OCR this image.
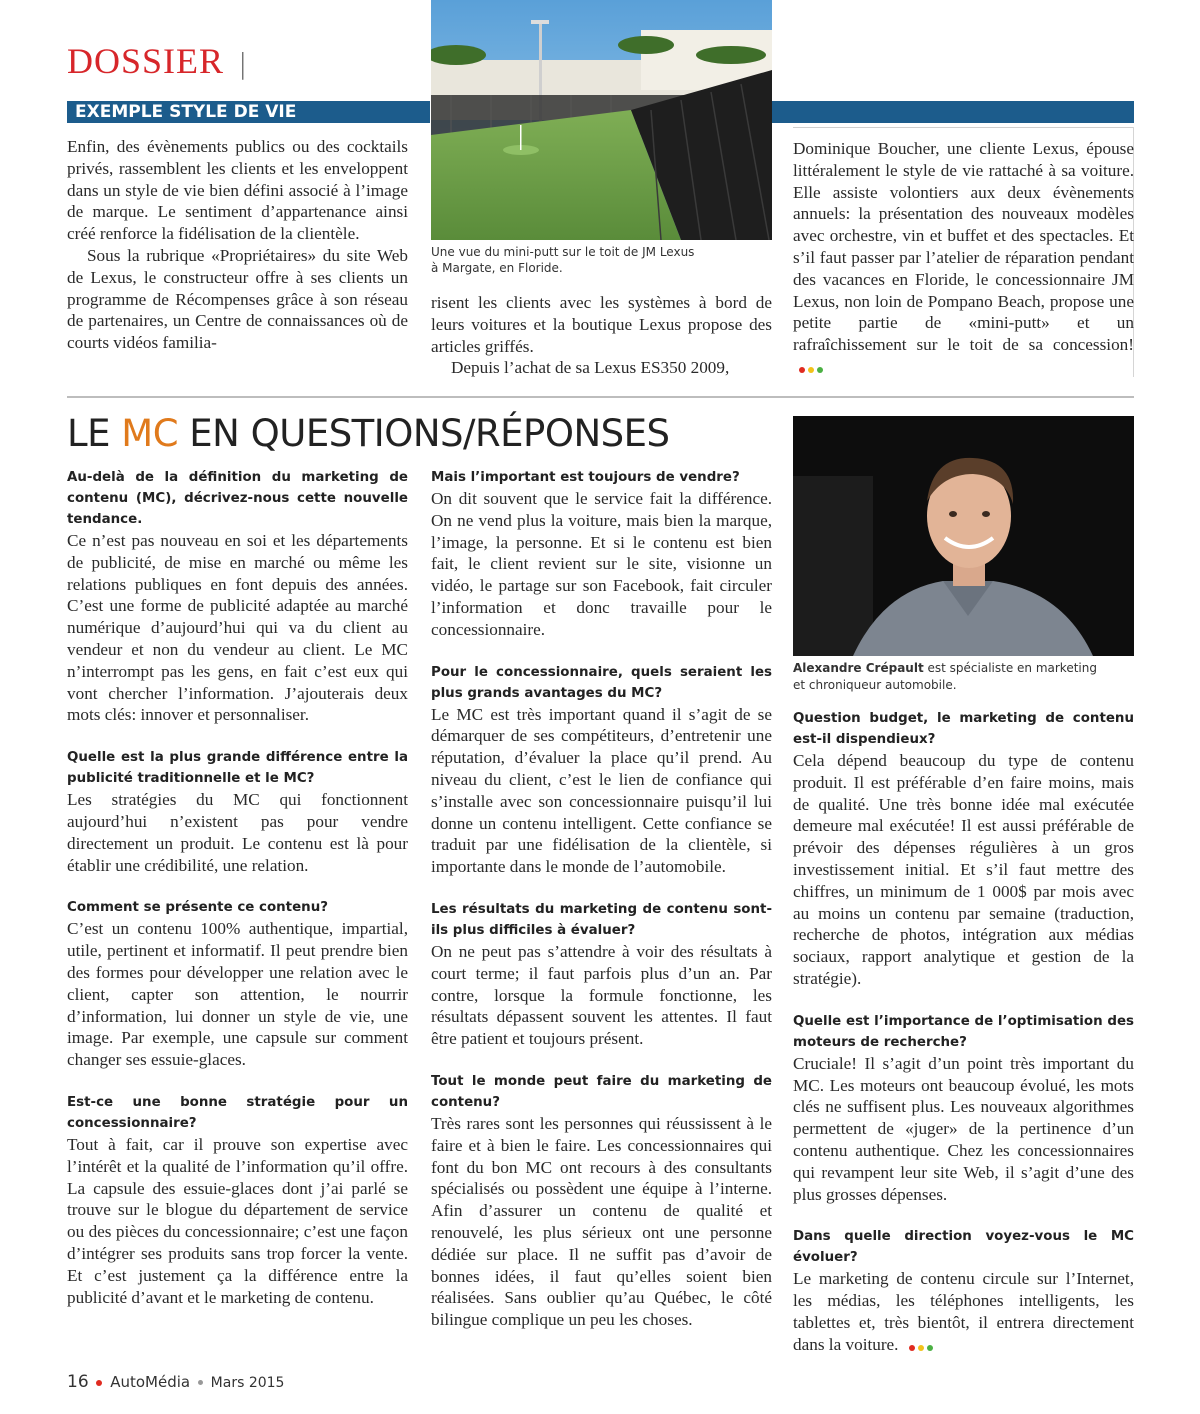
DOSSIER |
EXEMPLE STYLE DE VIE
Une vue du mini-putt sur le toit de JM Lexus
à Margate, en Floride.

Enfin, des évènements publics ou des cocktails privés, rassemblent les clients et les enveloppent dans un style de vie bien défini associé à l’image de marque. Le sentiment d’appartenance ainsi créé renforce la fidélisation de la clientèle.

Sous la rubrique «Propriétaires» du site Web de Lexus, le constructeur offre à ses clients un programme de Récompenses grâce à son réseau de partenaires, un Centre de connaissances où de courts vidéos familia-

risent les clients avec les systèmes à bord de leurs voitures et la boutique Lexus propose des articles griffés.

Depuis l’achat de sa Lexus ES350 2009,

Dominique Boucher, une cliente Lexus, épouse littéralement le style de vie rattaché à sa voiture. Elle assiste volontiers aux deux évènements annuels: la présentation des nouveaux modèles avec orchestre, vin et buffet et des spectacles. Et s’il faut passer par l’atelier de réparation pendant des vacances en Floride, le concessionnaire JM Lexus, non loin de Pompano Beach, propose une petite partie de «mini-putt» et un rafraîchissement sur le toit de sa concession!

LE MC EN QUESTIONS/RÉPONSES

Au-delà de la définition du marketing de contenu (MC), décrivez-nous cette nouvelle tendance.

Ce n’est pas nouveau en soi et les départements de publicité, de mise en marché ou même les relations publiques en font depuis des années. C’est une forme de publicité adaptée au marché numérique d’aujourd’hui qui va du client au vendeur et non du vendeur au client. Le MC n’interrompt pas les gens, en fait c’est eux qui vont chercher l’information. J’ajouterais deux mots clés: innover et personnaliser.

Quelle est la plus grande différence entre la publicité traditionnelle et le MC?

Les stratégies du MC qui fonctionnent aujourd’hui n’existent pas pour vendre directement un produit. Le contenu est là pour établir une crédibilité, une relation.

Comment se présente ce contenu?

C’est un contenu 100% authentique, impartial, utile, pertinent et informatif. Il peut prendre bien des formes pour développer une relation avec le client, capter son attention, le nourrir d’information, lui donner un style de vie, une image. Par exemple, une capsule sur comment changer ses essuie-glaces.

Est-ce une bonne stratégie pour un concessionnaire?

Tout à fait, car il prouve son expertise avec l’intérêt et la qualité de l’information qu’il offre. La capsule des essuie-glaces dont j’ai parlé se trouve sur le blogue du département de service ou des pièces du concessionnaire; c’est une façon d’intégrer ses produits sans trop forcer la vente. Et c’est justement ça la différence entre la publicité d’avant et le marketing de contenu.

Mais l’important est toujours de vendre?

On dit souvent que le service fait la différence. On ne vend plus la voiture, mais bien la marque, l’image, la personne. Et si le contenu est bien fait, le client revient sur le site, visionne un vidéo, le partage sur son Facebook, fait circuler l’information et donc travaille pour le concessionnaire.

Pour le concessionnaire, quels seraient les plus grands avantages du MC?

Le MC est très important quand il s’agit de se démarquer de ses compétiteurs, d’entretenir une réputation, d’évaluer la place qu’il prend. Au niveau du client, c’est le lien de confiance qui s’installe avec son concessionnaire puisqu’il lui donne un contenu intelligent. Cette confiance se traduit par une fidélisation de la clientèle, si importante dans le monde de l’automobile.

Les résultats du marketing de contenu sont-ils plus difficiles à évaluer?

On ne peut pas s’attendre à voir des résultats à court terme; il faut parfois plus d’un an. Par contre, lorsque la formule fonctionne, les résultats dépassent souvent les attentes. Il faut être patient et toujours présent.

Tout le monde peut faire du marketing de contenu?

Très rares sont les personnes qui réussissent à le faire et à bien le faire. Les concessionnaires qui font du bon MC ont recours à des consultants spécialisés ou possèdent une équipe à l’interne. Afin d’assurer un contenu de qualité et renouvelé, les plus sérieux ont une personne dédiée sur place. Il ne suffit pas d’avoir de bonnes idées, il faut qu’elles soient bien réalisées. Sans oublier qu’au Québec, le côté bilingue complique un peu les choses.

Alexandre Crépault est spécialiste en marketing
et chroniqueur automobile.

Question budget, le marketing de contenu est-il dispendieux?

Cela dépend beaucoup du type de contenu produit. Il est préférable d’en faire moins, mais de qualité. Une très bonne idée mal exécutée demeure mal exécutée! Il est aussi préférable de prévoir des dépenses régulières à un gros investissement initial. Et s’il faut mettre des chiffres, un minimum de 1 000$ par mois avec au moins un contenu par semaine (traduction, recherche de photos, intégration aux médias sociaux, rapport analytique et gestion de la stratégie).

Quelle est l’importance de l’optimisation des moteurs de recherche?

Cruciale! Il s’agit d’un point très important du MC. Les moteurs ont beaucoup évolué, les mots clés ne suffisent plus. Les nouveaux algorithmes permettent de «juger» de la pertinence d’un contenu authentique. Chez les concessionnaires qui revampent leur site Web, il s’agit d’une des plus grosses dépenses.

Dans quelle direction voyez-vous le MC évoluer?

Le marketing de contenu circule sur l’Internet, les médias, les téléphones intelligents, les tablettes et, très bientôt, il entrera directement dans la voiture.

16 AutoMédia Mars 2015
